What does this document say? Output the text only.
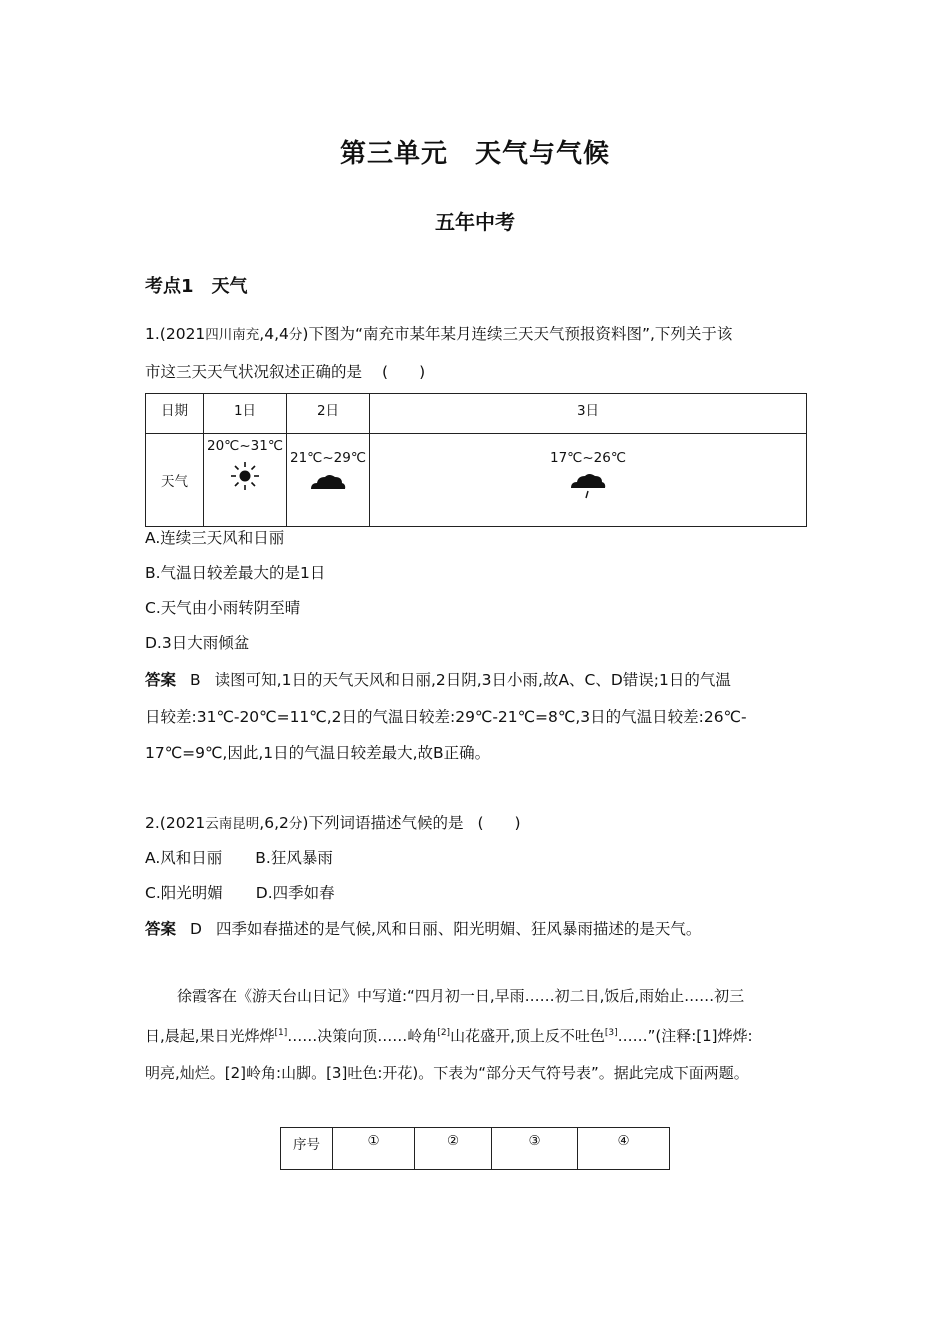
第三单元　天气与气候
五年中考
考点1　天气
1.(2021四川南充,4,4分)下图为“南充市某年某月连续三天天气预报资料图”,下列关于该
市这三天天气状况叙述正确的是 (　　)
日期	1日	2日	3日
天气	20℃~31℃	21℃~29℃	17℃~26℃
A.连续三天风和日丽
B.气温日较差最大的是1日
C.天气由小雨转阴至晴
D.3日大雨倾盆
答案 B 读图可知,1日的天气天风和日丽,2日阴,3日小雨,故A、C、D错误;1日的气温
日较差:31℃-20℃=11℃,2日的气温日较差:29℃-21℃=8℃,3日的气温日较差:26℃-
17℃=9℃,因此,1日的气温日较差最大,故B正确。
2.(2021云南昆明,6,2分)下列词语描述气候的是 (　　)
A.风和日丽 B.狂风暴雨
C.阳光明媚 D.四季如春
答案 D 四季如春描述的是气候,风和日丽、阳光明媚、狂风暴雨描述的是天气。
徐霞客在《游天台山日记》中写道:“四月初一日,早雨……初二日,饭后,雨始止……初三
日,晨起,果日光烨烨[1]……决策向顶……岭角[2]山花盛开,顶上反不吐色[3]……”(注释:[1]烨烨:
明亮,灿烂。[2]岭角:山脚。[3]吐色:开花)。下表为“部分天气符号表”。据此完成下面两题。
序号	①	②	③	④
